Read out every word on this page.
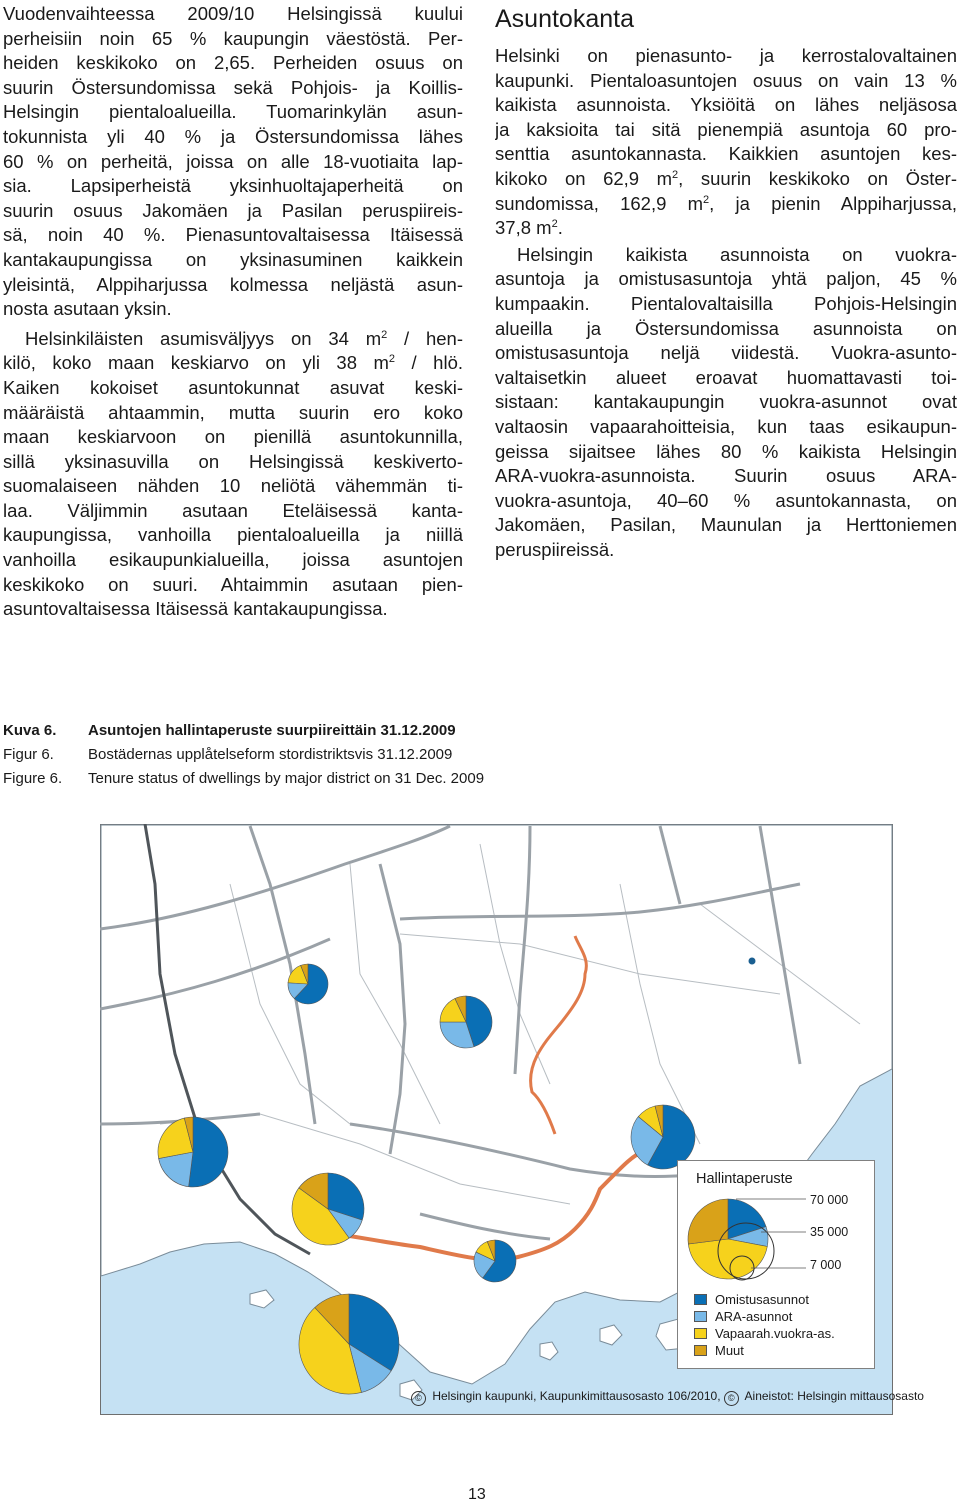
Vuodenvaihteessa 2009/10 Helsingissä kuului
perheisiin noin 65 % kaupungin väestöstä. Per-
heiden keskikoko on 2,65. Perheiden osuus on
suurin Östersundomissa sekä Pohjois- ja Koillis-
Helsingin pientaloalueilla. Tuomarinkylän asun-
tokunnista yli 40 % ja Östersundomissa lähes
60 % on perheitä, joissa on alle 18-vuotiaita lap-
sia. Lapsiperheistä yksinhuoltajaperheitä on
suurin osuus Jakomäen ja Pasilan peruspiireis-
sä, noin 40 %. Pienasuntovaltaisessa Itäisessä
kantakaupungissa on yksinasuminen kaikkein
yleisintä, Alppiharjussa kolmessa neljästä asun-
nosta asutaan yksin.
Helsinkiläisten asumisväljyys on 34 $m^2 / hen-$
kilö, koko maan keskiarvo on yli 38 $m^2$ / hlö.
Kaiken kokoiset asuntokunnat asuvat keski-
määräistä ahtaammin, mutta suurin ero koko
maan keskiarvoon on pienillä asuntokunnilla,
sillä yksinasuvilla on Helsingissä keskivertо-
suomalaiseen nähden 10 neliötä vähemmän ti-
laa. Väljimmin asutaan Eteläisessä kanta-
kaupungissa, vanhoilla pientaloalueilla ja niillä
vanhoilla esikaupunkialueilla, joissa asuntojen
keskikoko on suuri. Ahtaimmin asutaan pien-
asuntovaltaisessa Itäisessä kantakaupungissa.
Asuntokanta
Helsinki on pienasunto- ja kerrostalovaltainen
kaupunki. Pientaloasuntojen osuus on vain 13 %
kaikista asunnoista. Yksiöitä on lähes neljäsosa
ja kaksioita tai sitä pienempiä asuntoja 60 pro-
senttia asuntokannasta. Kaikkien asuntojen kes-
kikoko on 62,9 $m^2$, suurin keskikoko on Öster-
sundomissa, 162,9 $m^2$, ja pienin Alppiharjussa,
37,8 $m^2$.
Helsingin kaikista asunnoista on vuokra-
asuntoja ja omistusasuntoja yhtä paljon, 45 %
kumpaakin. Pientalovaltaisilla Pohjois-Helsingin
alueilla ja Östersundomissa asunnoista on
omistusasuntoja neljä viidestä. Vuokra-asunto-
valtaisetkin alueet eroavat huomattavasti toi-
sistaan: kantakaupungin vuokra-asunnot ovat
valtaosin vapaarahoitteisia, kun taas esikaupun-
geissa sijaitsee lähes 80 % kaikista Helsingin
ARA-vuokra-asunnoista. Suurin osuus ARA-
vuokra-asuntoja, 40–60 % asuntokannasta, on
Jakomäen, Pasilan, Maunulan ja Herttoniemen
peruspiireissä.
Kuva 6.	Asuntojen hallintaperuste suurpiireittäin 31.12.2009
Figur 6.	Bostädernas upplåtelseform stordistriktsvis 31.12.2009
Figure 6.	Tenure status of dwellings by major district on 31 Dec. 2009
Hallintaperuste
70 000
35 000
7 000
Omistusasunnot
ARA-asunnot
Vapaarah.vuokra-as.
Muut
© Helsingin kaupunki, Kaupunkimittausosasto 106/2010, © Aineistot: Helsingin mittausosasto
13
